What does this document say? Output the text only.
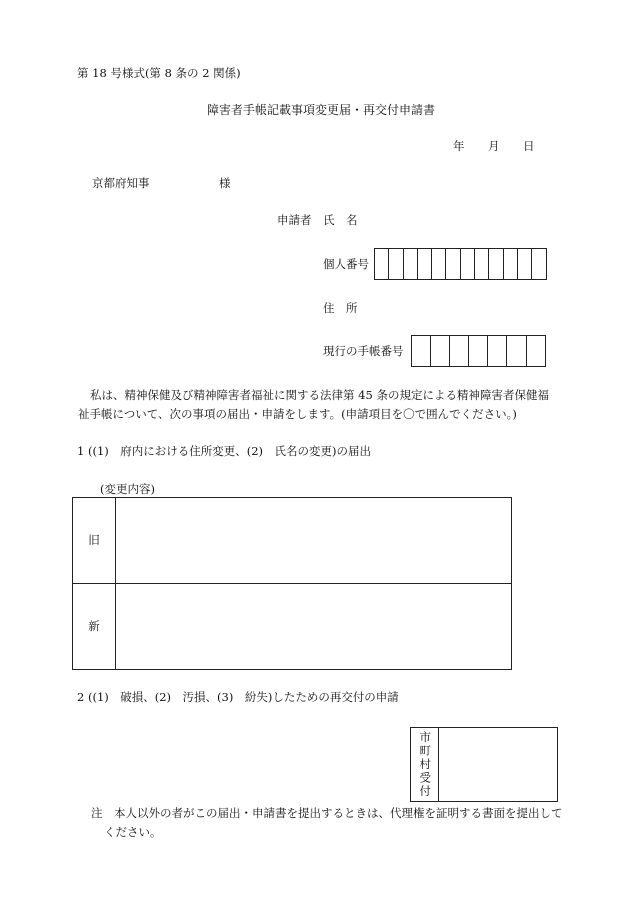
第 18 号様式(第 8 条の 2 関係)
障害者手帳記載事項変更届・再交付申請書
年 月 日
京都府知事	様
申請者 氏　名
個人番号
住　所
現行の手帳番号
私は、精神保健及び精神障害者福祉に関する法律第 45 条の規定による精神障害者保健福祉手帳について、次の事項の届出・申請をします。(申請項目を〇で囲んでください。)
1 ((1)　府内における住所変更、(2)　氏名の変更)の届出
(変更内容)
旧	
新	
2 ((1)　破損、(2)　汚損、(3)　紛失)したための再交付の申請
市町村受付
注　本人以外の者がこの届出・申請書を提出するときは、代理権を証明する書面を提出してください。
